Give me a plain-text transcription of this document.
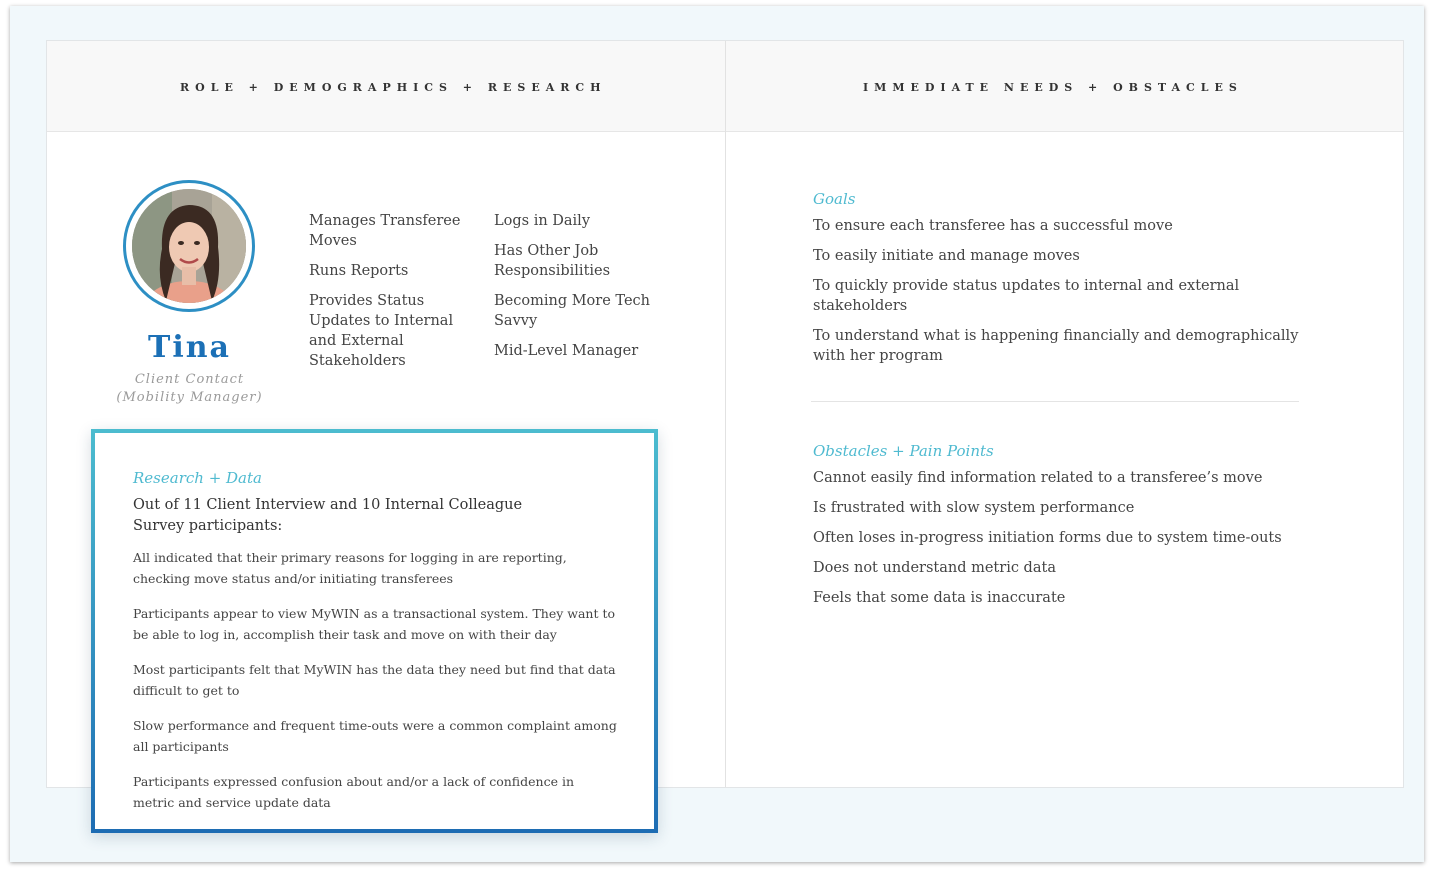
ROLE + DEMOGRAPHICS + RESEARCH	IMMEDIATE NEEDS + OBSTACLES
Tina
Client Contact
(Mobility Manager)
Manages Transferee Moves
Runs Reports
Provides Status Updates to Internal and External Stakeholders
Logs in Daily
Has Other Job Responsibilities
Becoming More Tech Savvy
Mid-Level Manager
Goals
To ensure each transferee has a successful move
To easily initiate and manage moves
To quickly provide status updates to internal and external stakeholders
To understand what is happening financially and demographically with her program
Obstacles + Pain Points
Cannot easily find information related to a transferee’s move
Is frustrated with slow system performance
Often loses in-progress initiation forms due to system time-outs
Does not understand metric data
Feels that some data is inaccurate
Research + Data
Out of 11 Client Interview and 10 Internal Colleague Survey participants:
All indicated that their primary reasons for logging in are reporting, checking move status and/or initiating transferees
Participants appear to view MyWIN as a transactional system. They want to be able to log in, accomplish their task and move on with their day
Most participants felt that MyWIN has the data they need but find that data difficult to get to
Slow performance and frequent time-outs were a common complaint among all participants
Participants expressed confusion about and/or a lack of confidence in metric and service update data
